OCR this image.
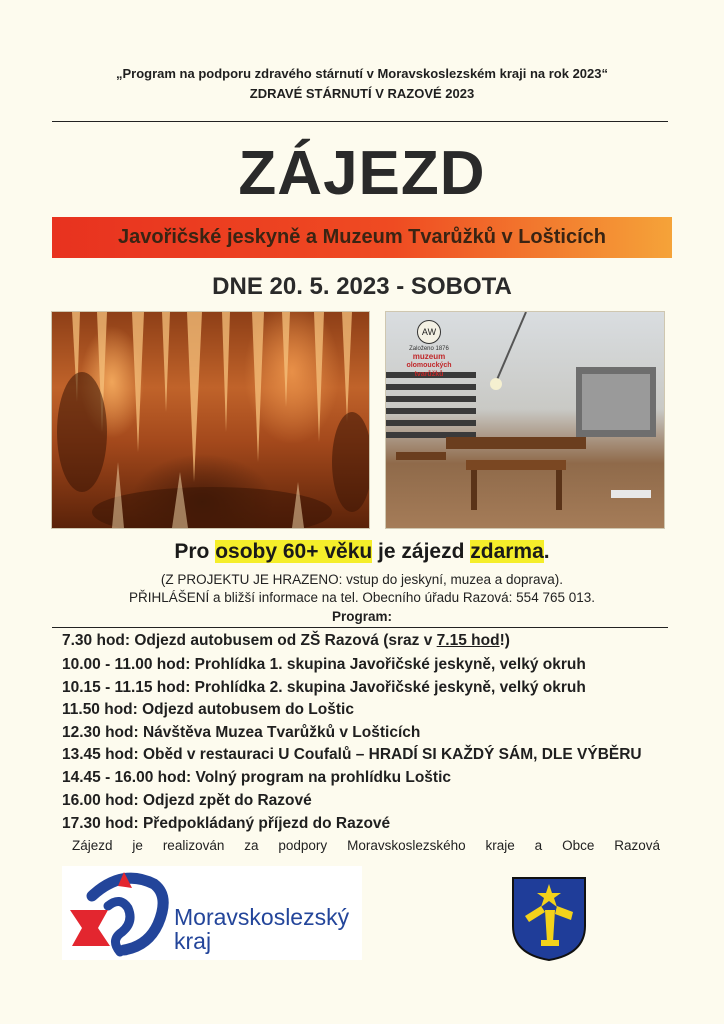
„Program na podporu zdravého stárnutí v Moravskoslezském kraji na rok 2023“
ZDRAVÉ STÁRNUTÍ V RAZOVÉ 2023
ZÁJEZD
Javořičské jeskyně a Muzeum Tvarůžků v Lošticích
DNE 20. 5. 2023 - SOBOTA
AW
Založeno 1876
muzeum
olomouckých
tvarůžků
Pro osoby 60+ věku je zájezd zdarma.
(Z PROJEKTU JE HRAZENO: vstup do jeskyní, muzea a doprava).
PŘIHLÁŠENÍ a bližší informace na tel. Obecního úřadu Razová: 554 765 013.
Program:
7.30 hod: Odjezd autobusem od ZŠ Razová (sraz v 7.15 hod!)
10.00 - 11.00 hod: Prohlídka 1. skupina Javořičské jeskyně, velký okruh
10.15 - 11.15 hod: Prohlídka 2. skupina Javořičské jeskyně, velký okruh
11.50 hod: Odjezd autobusem do Loštic
12.30 hod: Návštěva Muzea Tvarůžků v Lošticích
13.45 hod: Oběd v restauraci U Coufalů – HRADÍ SI KAŽDÝ SÁM, DLE VÝBĚRU
14.45 - 16.00 hod: Volný program na prohlídku Loštic
16.00 hod: Odjezd zpět do Razové
17.30 hod: Předpokládaný příjezd do Razové
Zájezd je realizován za podpory Moravskoslezského kraje a Obce Razová
Moravskoslezský
kraj
